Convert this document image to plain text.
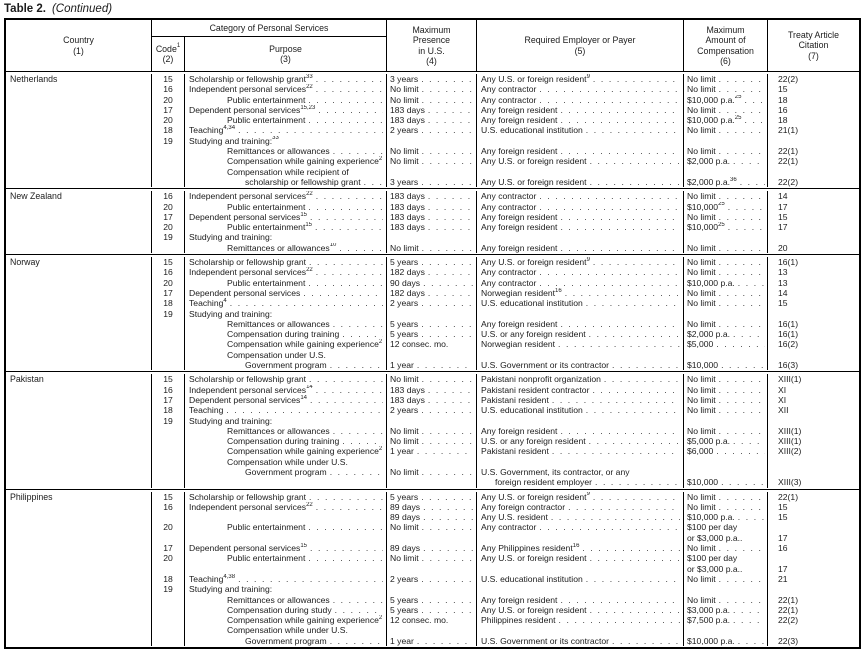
Table 2. (Continued)
Country
(1)
Category of Personal Services
Code$^1$
(2)
Purpose
(3)
Maximum
Presence
in U.S.
(4)
Required Employer or Payer
(5)
Maximum
Amount of
Compensation
(6)
Treaty Article
Citation
(7)
Netherlands	15 Scholarship or fellowship grant$^{33}$ . . .	3 years . . .	Any U.S. or foreign resident$^9$ . . .	No limit . . .	22(2)
16 Independent personal services$^{22}$ . . .	No limit . . .	Any contractor . . .	No limit . . .	15
20	Public entertainment . . .	No limit . . .	Any contractor . . .	$10,000 p.a.$^{25}$ . . .	18
17 Dependent personal services$^{15,23}$ . . .	183 days . . .	Any foreign resident . . .	No limit . . .	16
20	Public entertainment . . .	183 days . . .	Any foreign resident . . .	$10,000 p.a.$^{25}$ . . .	18
18 Teaching$^{4,34}$ . . .	2 years . . .	U.S. educational institution . . .	No limit . . .	21(1)
19 Studying and training:$^{33}$
Remittances or allowances . . .	No limit . . .	Any foreign resident . . .	No limit . . .	22(1)
Compensation while gaining experience$^2$ No limit . . .	Any U.S. or foreign resident . . .	$2,000 p.a. . . .	22(1)
Compensation while recipient of
scholarship or fellowship grant . . .	3 years . . .	Any U.S. or foreign resident . . .	$2,000 p.a.$^{36}$ . . .	22(2)
New Zealand	16 Independent personal services$^{22}$ . . .	183 days . . .	Any contractor . . .	No limit . . .	14
20	Public entertainment . . .	183 days . . .	Any contractor . . .	$10,000$^{25}$ . . .	17
17 Dependent personal services$^{15}$ . . .	183 days . . .	Any foreign resident . . .	No limit . . .	15
20	Public entertainment$^{15}$ . . .	183 days . . .	Any foreign resident . . .	$10,000$^{25}$ . . .	17
19 Studying and training:
Remittances or allowances$^{10}$ . . .	No limit . . .	Any foreign resident . . .	No limit . . .	20
Norway	15 Scholarship or fellowship grant . . .	5 years . . .	Any U.S. or foreign resident$^9$ . . .	No limit . . .	16(1)
16 Independent personal services$^{22}$ . . .	182 days . . .	Any contractor . . .	No limit . . .	13
20	Public entertainment . . .	90 days . . .	Any contractor . . .	$10,000 p.a. . . .	13
17 Dependent personal services . . .	182 days . . .	Norwegian resident$^{16}$ . . .	No limit . . .	14
18 Teaching$^4$ . . .	2 years . . .	U.S. educational institution . . .	No limit . . .	15
19 Studying and training:
Remittances or allowances . . .	5 years . . .	Any foreign resident . . .	No limit . . .	16(1)
Compensation during training . . .	5 years . . .	U.S. or any foreign resident . . .	$2,000 p.a. . . .	16(1)
Compensation while gaining experience$^2$ 12 consec. mo.	Norwegian resident . . .	$5,000 . . .	16(2)
Compensation under U.S.
Government program . . .	1 year . . .	U.S. Government or its contractor . . .	$10,000 . . .	16(3)
Pakistan	15 Scholarship or fellowship grant . . .	No limit . . .	Pakistani nonprofit organization . . .	No limit . . .	XIII(1)
16 Independent personal services$^{14}$ . . .	183 days . . .	Pakistani resident contractor . . .	No limit . . .	XI
17 Dependent personal services$^{14}$ . . .	183 days . . .	Pakistani resident . . .	No limit . . .	XI
18 Teaching . . .	2 years . . .	U.S. educational institution . . .	No limit . . .	XII
19 Studying and training:
Remittances or allowances . . .	No limit . . .	Any foreign resident . . .	No limit . . .	XIII(1)
Compensation during training . . .	No limit . . .	U.S. or any foreign resident . . .	$5,000 p.a. . . .	XIII(1)
Compensation while gaining experience$^2$ 1 year . . .	Pakistani resident . . .	$6,000 . . .	XIII(2)
Compensation while under U.S.
Government program . . .	No limit . . .	U.S. Government, its contractor, or any
foreign resident employer . . .	$10,000 . . .	XIII(3)
Philippines	15 Scholarship or fellowship grant . . .	5 years . . .	Any U.S. or foreign resident$^9$ . . .	No limit . . .	22(1)
16 Independent personal services$^{22}$ . . .	89 days . . .	Any foreign contractor . . .	No limit . . .	15
89 days . . .	Any U.S. resident . . .	$10,000 p.a. . . .	15
20	Public entertainment . . .	No limit . . .	Any contractor . . .	$100 per day
or $3,000 p.a..	17
17 Dependent personal services$^{15}$ . . .	89 days . . .	Any Philippines resident$^{16}$ . . .	No limit . . .	16
20	Public entertainment . . .	No limit . . .	Any U.S. or foreign resident . . .	$100 per day
or $3,000 p.a..	17
18 Teaching$^{4,38}$ . . .	2 years . . .	U.S. educational institution . . .	No limit . . .	21
19 Studying and training:
Remittances or allowances . . .	5 years . . .	Any foreign resident . . .	No limit . . .	22(1)
Compensation during study . . .	5 years . . .	Any U.S. or foreign resident . . .	$3,000 p.a. . . .	22(1)
Compensation while gaining experience$^2$ 12 consec. mo.	Philippines resident . . .	$7,500 p.a. . . .	22(2)
Compensation while under U.S.
Government program . . .	1 year . . .	U.S. Government or its contractor . . .	$10,000 p.a. . . .	22(3)
